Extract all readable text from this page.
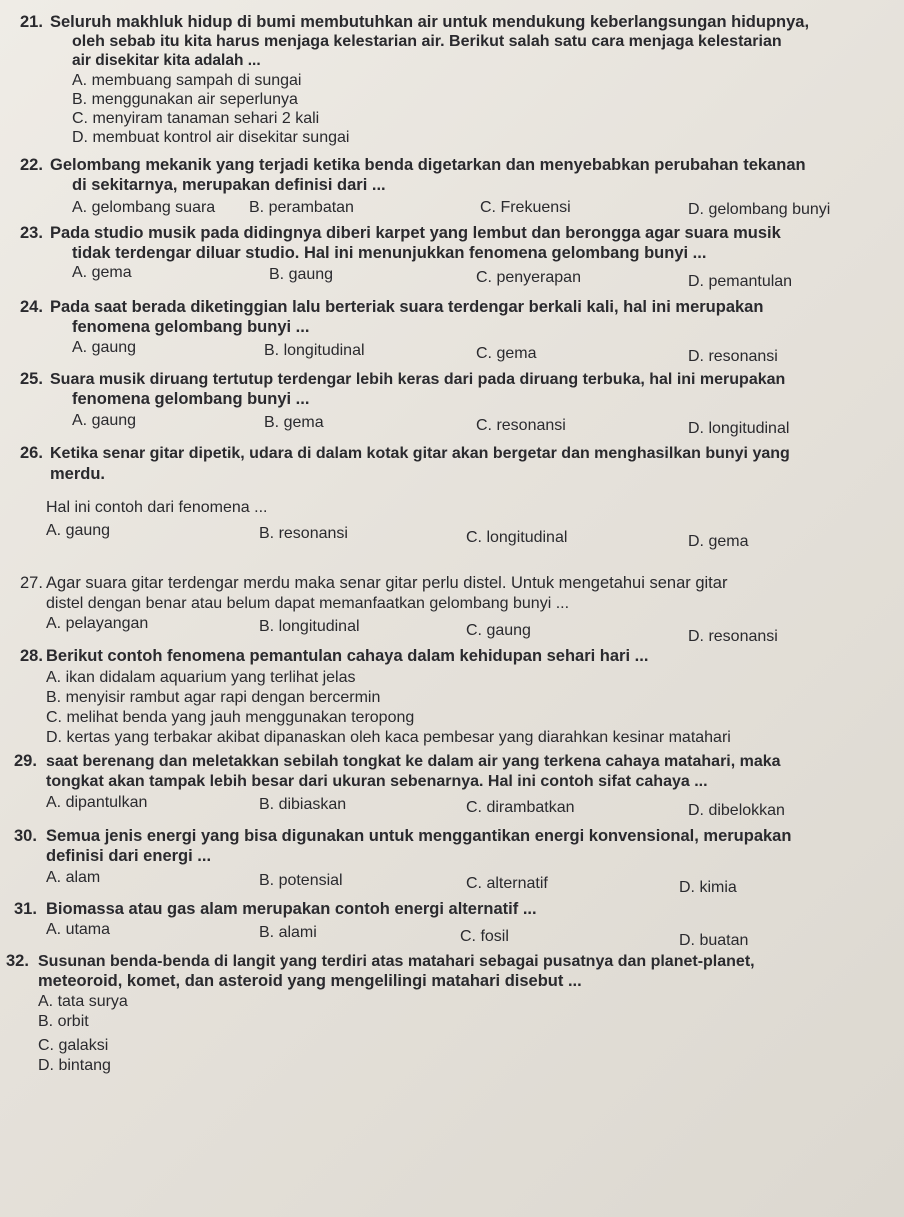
21. Seluruh makhluk hidup di bumi membutuhkan air untuk mendukung keberlangsungan hidupnya,
oleh sebab itu kita harus menjaga kelestarian air. Berikut salah satu cara menjaga kelestarian
air disekitar kita adalah ...
A. membuang sampah di sungai
B. menggunakan air seperlunya
C. menyiram tanaman sehari 2 kali
D. membuat kontrol air disekitar sungai
22. Gelombang mekanik yang terjadi ketika benda digetarkan dan menyebabkan perubahan tekanan
di sekitarnya, merupakan definisi dari ...
A. gelombang suara B. perambatan	C. Frekuensi	D. gelombang bunyi
23. Pada studio musik pada didingnya diberi karpet yang lembut dan berongga agar suara musik
tidak terdengar diluar studio. Hal ini menunjukkan fenomena gelombang bunyi ...
A. gema	B. gaung	C. penyerapan	D. pemantulan
24. Pada saat berada diketinggian lalu berteriak suara terdengar berkali kali, hal ini merupakan
fenomena gelombang bunyi ...
A. gaung	B. longitudinal	C. gema	D. resonansi
25. Suara musik diruang tertutup terdengar lebih keras dari pada diruang terbuka, hal ini merupakan
fenomena gelombang bunyi ...
A. gaung	B. gema	C. resonansi	D. longitudinal
26. Ketika senar gitar dipetik, udara di dalam kotak gitar akan bergetar dan menghasilkan bunyi yang
merdu.
Hal ini contoh dari fenomena ...
A. gaung	B. resonansi	C. longitudinal	D. gema
27. Agar suara gitar terdengar merdu maka senar gitar perlu distel. Untuk mengetahui senar gitar
distel dengan benar atau belum dapat memanfaatkan gelombang bunyi ...
A. pelayangan	B. longitudinal	C. gaung	D. resonansi
28. Berikut contoh fenomena pemantulan cahaya dalam kehidupan sehari hari ...
A. ikan didalam aquarium yang terlihat jelas
B. menyisir rambut agar rapi dengan bercermin
C. melihat benda yang jauh menggunakan teropong
D. kertas yang terbakar akibat dipanaskan oleh kaca pembesar yang diarahkan kesinar matahari
29. saat berenang dan meletakkan sebilah tongkat ke dalam air yang terkena cahaya matahari, maka
tongkat akan tampak lebih besar dari ukuran sebenarnya. Hal ini contoh sifat cahaya ...
A. dipantulkan	B. dibiaskan	C. dirambatkan	D. dibelokkan
30. Semua jenis energi yang bisa digunakan untuk menggantikan energi konvensional, merupakan
definisi dari energi ...
A. alam	B. potensial	C. alternatif	D. kimia
31. Biomassa atau gas alam merupakan contoh energi alternatif ...
A. utama	B. alami	C. fosil	D. buatan
32. Susunan benda-benda di langit yang terdiri atas matahari sebagai pusatnya dan planet-planet,
meteoroid, komet, dan asteroid yang mengelilingi matahari disebut ...
A. tata surya
B. orbit
C. galaksi
D. bintang
